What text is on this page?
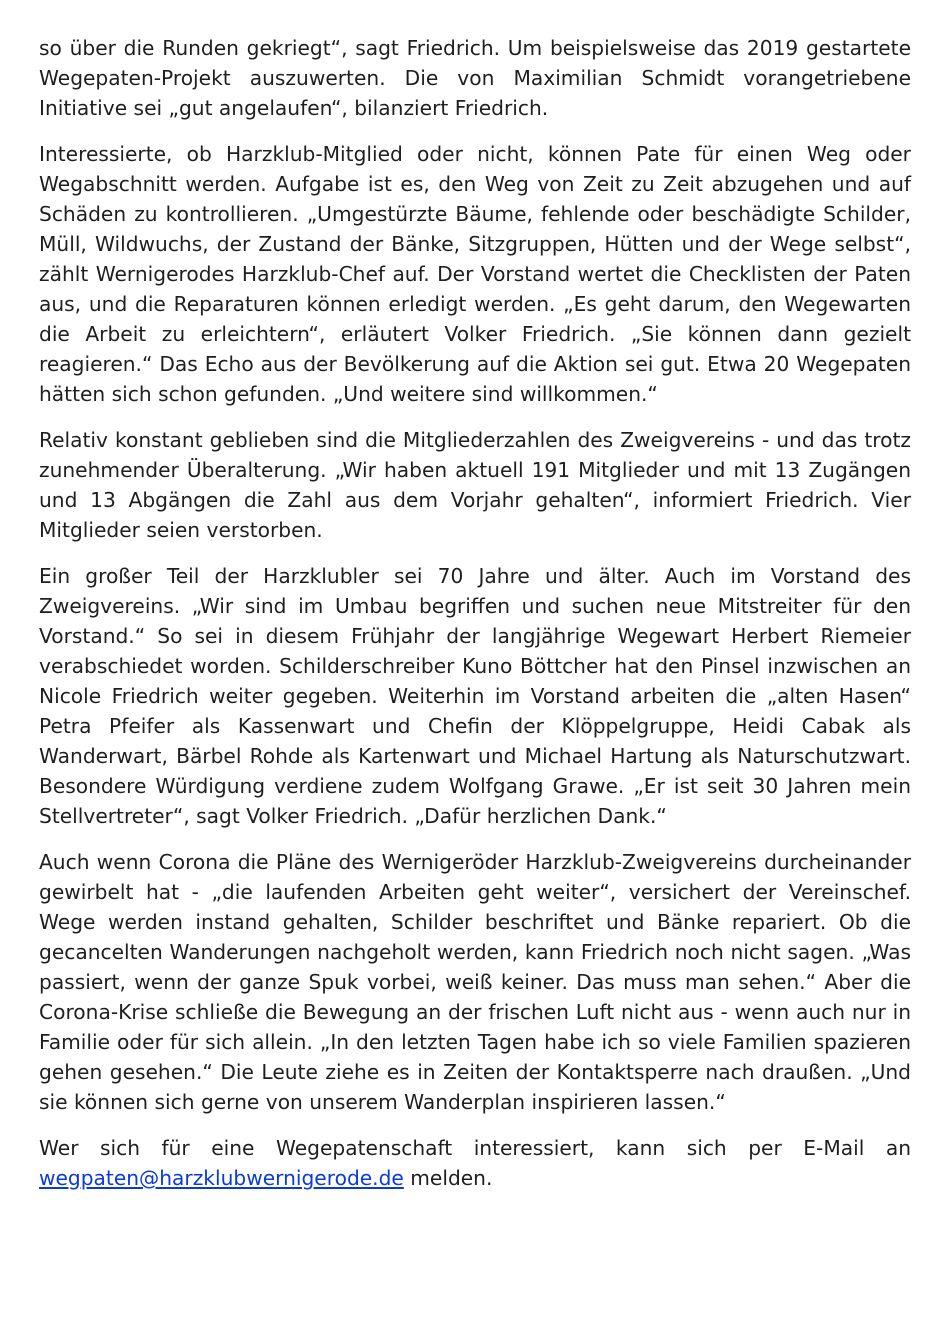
so über die Runden gekriegt“, sagt Friedrich. Um beispielsweise das 2019 gestartete Wegepaten-Projekt auszuwerten. Die von Maximilian Schmidt vorangetriebene Initiative sei „gut angelaufen“, bilanziert Friedrich.

Interessierte, ob Harzklub-Mitglied oder nicht, können Pate für einen Weg oder Wegabschnitt werden. Aufgabe ist es, den Weg von Zeit zu Zeit abzugehen und auf Schäden zu kontrollieren. „Umgestürzte Bäume, fehlende oder beschädigte Schilder, Müll, Wildwuchs, der Zustand der Bänke, Sitzgruppen, Hütten und der Wege selbst“, zählt Wernigerodes Harzklub-Chef auf. Der Vorstand wertet die Checklisten der Paten aus, und die Reparaturen können erledigt werden. „Es geht darum, den Wegewarten die Arbeit zu erleichtern“, erläutert Volker Friedrich. „Sie können dann gezielt reagieren.“ Das Echo aus der Bevölkerung auf die Aktion sei gut. Etwa 20 Wegepaten hätten sich schon gefunden. „Und weitere sind willkommen.“

Relativ konstant geblieben sind die Mitgliederzahlen des Zweigvereins - und das trotz zunehmender Überalterung. „Wir haben aktuell 191 Mitglieder und mit 13 Zugängen und 13 Abgängen die Zahl aus dem Vorjahr gehalten“, informiert Friedrich. Vier Mitglieder seien verstorben.

Ein großer Teil der Harzklubler sei 70 Jahre und älter. Auch im Vorstand des Zweigvereins. „Wir sind im Umbau begriffen und suchen neue Mitstreiter für den Vorstand.“ So sei in diesem Frühjahr der langjährige Wegewart Herbert Riemeier verabschiedet worden. Schilderschreiber Kuno Böttcher hat den Pinsel inzwischen an Nicole Friedrich weiter gegeben. Weiterhin im Vorstand arbeiten die „alten Hasen“ Petra Pfeifer als Kassenwart und Chefin der Klöppelgruppe, Heidi Cabak als Wanderwart, Bärbel Rohde als Kartenwart und Michael Hartung als Naturschutzwart. Besondere Würdigung verdiene zudem Wolfgang Grawe. „Er ist seit 30 Jahren mein Stellvertreter“, sagt Volker Friedrich. „Dafür herzlichen Dank.“

Auch wenn Corona die Pläne des Wernigeröder Harzklub-Zweigvereins durcheinander gewirbelt hat - „die laufenden Arbeiten geht weiter“, versichert der Vereinschef. Wege werden instand gehalten, Schilder beschriftet und Bänke repariert. Ob die gecancelten Wanderungen nachgeholt werden, kann Friedrich noch nicht sagen. „Was passiert, wenn der ganze Spuk vorbei, weiß keiner. Das muss man sehen.“ Aber die Corona-Krise schließe die Bewegung an der frischen Luft nicht aus - wenn auch nur in Familie oder für sich allein. „In den letzten Tagen habe ich so viele Familien spazieren gehen gesehen.“ Die Leute ziehe es in Zeiten der Kontaktsperre nach draußen. „Und sie können sich gerne von unserem Wanderplan inspirieren lassen.“

Wer sich für eine Wegepatenschaft interessiert, kann sich per E-Mail an wegpaten@harzklubwernigerode.de melden.
